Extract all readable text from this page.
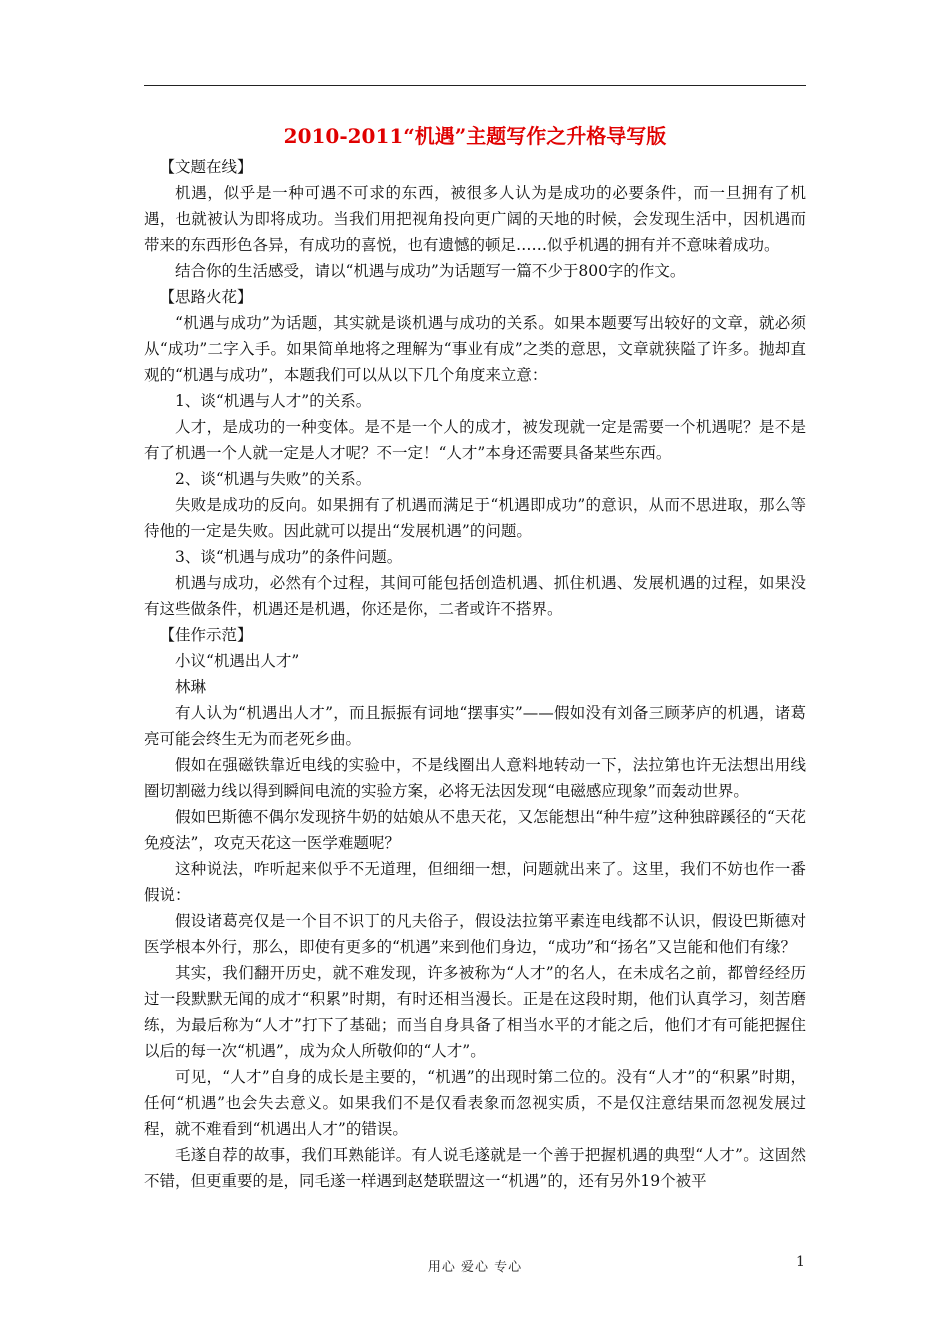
2010-2011“机遇”主题写作之升格导写版

【文题在线】

机遇，似乎是一种可遇不可求的东西，被很多人认为是成功的必要条件，而一旦拥有了机遇，也就被认为即将成功。当我们用把视角投向更广阔的天地的时候，会发现生活中，因机遇而带来的东西形色各异，有成功的喜悦，也有遗憾的顿足……似乎机遇的拥有并不意味着成功。

结合你的生活感受，请以“机遇与成功”为话题写一篇不少于800字的作文。

【思路火花】

“机遇与成功”为话题，其实就是谈机遇与成功的关系。如果本题要写出较好的文章，就必须从“成功”二字入手。如果简单地将之理解为“事业有成”之类的意思，文章就狭隘了许多。抛却直观的“机遇与成功”，本题我们可以从以下几个角度来立意：

1、谈“机遇与人才”的关系。

人才，是成功的一种变体。是不是一个人的成才，被发现就一定是需要一个机遇呢？是不是有了机遇一个人就一定是人才呢？不一定！“人才”本身还需要具备某些东西。

2、谈“机遇与失败”的关系。

失败是成功的反向。如果拥有了机遇而满足于“机遇即成功”的意识，从而不思进取，那么等待他的一定是失败。因此就可以提出“发展机遇”的问题。

3、谈“机遇与成功”的条件问题。

机遇与成功，必然有个过程，其间可能包括创造机遇、抓住机遇、发展机遇的过程，如果没有这些做条件，机遇还是机遇，你还是你，二者或许不搭界。

【佳作示范】

小议“机遇出人才”

林琳

有人认为“机遇出人才”，而且振振有词地“摆事实”——假如没有刘备三顾茅庐的机遇，诸葛亮可能会终生无为而老死乡曲。

假如在强磁铁靠近电线的实验中，不是线圈出人意料地转动一下，法拉第也许无法想出用线圈切割磁力线以得到瞬间电流的实验方案，必将无法因发现“电磁感应现象”而轰动世界。

假如巴斯德不偶尔发现挤牛奶的姑娘从不患天花，又怎能想出“种牛痘”这种独辟蹊径的“天花免疫法”，攻克天花这一医学难题呢？

这种说法，咋听起来似乎不无道理，但细细一想，问题就出来了。这里，我们不妨也作一番假说：

假设诸葛亮仅是一个目不识丁的凡夫俗子，假设法拉第平素连电线都不认识，假设巴斯德对医学根本外行，那么，即使有更多的“机遇”来到他们身边，“成功”和“扬名”又岂能和他们有缘？

其实，我们翻开历史，就不难发现，许多被称为“人才”的名人，在未成名之前，都曾经经历过一段默默无闻的成才“积累”时期，有时还相当漫长。正是在这段时期，他们认真学习，刻苦磨练，为最后称为“人才”打下了基础；而当自身具备了相当水平的才能之后，他们才有可能把握住以后的每一次“机遇”，成为众人所敬仰的“人才”。

可见，“人才”自身的成长是主要的，“机遇”的出现时第二位的。没有“人才”的“积累”时期，任何“机遇”也会失去意义。如果我们不是仅看表象而忽视实质，不是仅注意结果而忽视发展过程，就不难看到“机遇出人才”的错误。

毛遂自荐的故事，我们耳熟能详。有人说毛遂就是一个善于把握机遇的典型“人才”。这固然不错，但更重要的是，同毛遂一样遇到赵楚联盟这一“机遇”的，还有另外19个被平

用心 爱心 专心	1
